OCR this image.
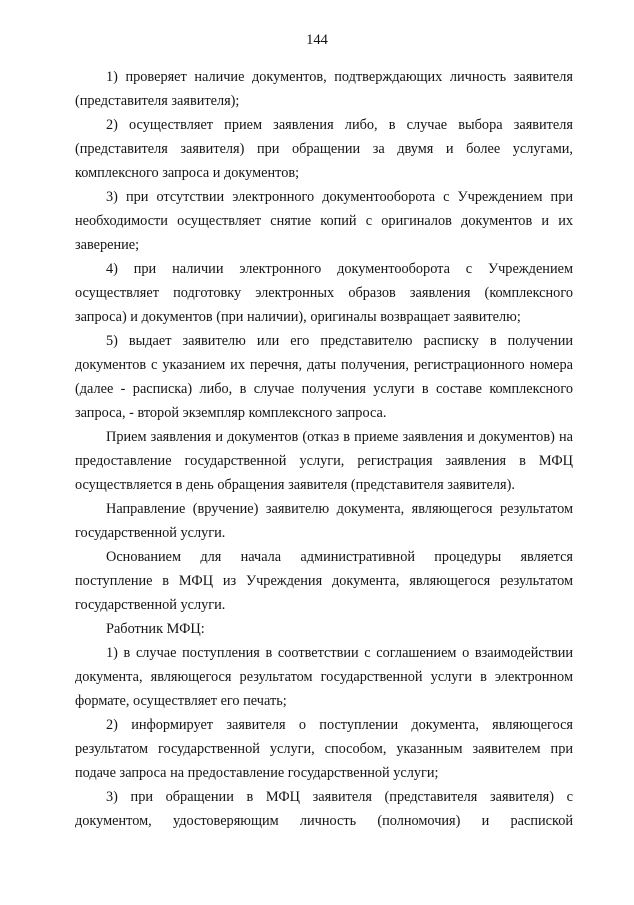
144

1) проверяет наличие документов, подтверждающих личность заявителя (представителя заявителя);

2) осуществляет прием заявления либо, в случае выбора заявителя (представителя заявителя) при обращении за двумя и более услугами, комплексного запроса и документов;

3) при отсутствии электронного документооборота с Учреждением при необходимости осуществляет снятие копий с оригиналов документов и их заверение;

4) при наличии электронного документооборота с Учреждением осуществляет подготовку электронных образов заявления (комплексного запроса) и документов (при наличии), оригиналы возвращает заявителю;

5) выдает заявителю или его представителю расписку в получении документов с указанием их перечня, даты получения, регистрационного номера (далее - расписка) либо, в случае получения услуги в составе комплексного запроса, - второй экземпляр комплексного запроса.

Прием заявления и документов (отказ в приеме заявления и документов) на предоставление государственной услуги, регистрация заявления в МФЦ осуществляется в день обращения заявителя (представителя заявителя).

Направление (вручение) заявителю документа, являющегося результатом государственной услуги.

Основанием для начала административной процедуры является поступление в МФЦ из Учреждения документа, являющегося результатом государственной услуги.

Работник МФЦ:

1) в случае поступления в соответствии с соглашением о взаимодействии документа, являющегося результатом государственной услуги в электронном формате, осуществляет его печать;

2) информирует заявителя о поступлении документа, являющегося результатом государственной услуги, способом, указанным заявителем при подаче запроса на предоставление государственной услуги;

3) при обращении в МФЦ заявителя (представителя заявителя) с документом, удостоверяющим личность (полномочия) и распиской
